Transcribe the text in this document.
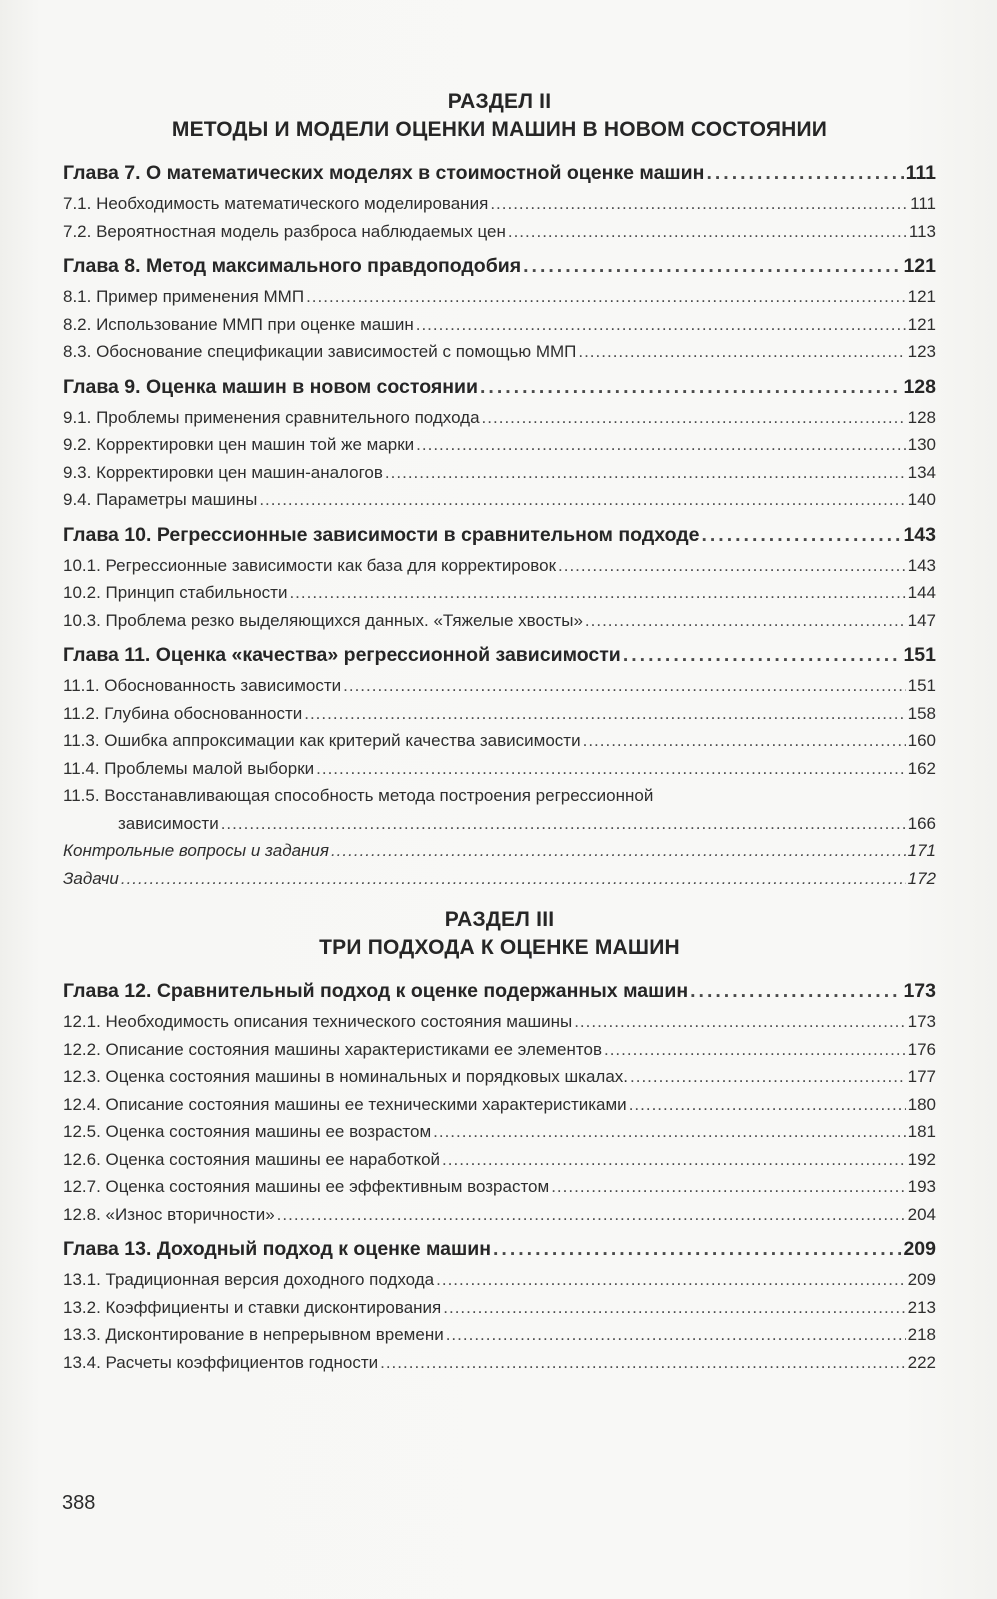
РАЗДЕЛ II
МЕТОДЫ И МОДЕЛИ ОЦЕНКИ МАШИН В НОВОМ СОСТОЯНИИ
Глава 7. О математических моделях в стоимостной оценке машин .....	111
7.1. Необходимость математического моделирования .....	111
7.2. Вероятностная модель разброса наблюдаемых цен .....	113
Глава 8. Метод максимального правдоподобия .....	121
8.1. Пример применения ММП .....	121
8.2. Использование ММП при оценке машин .....	121
8.3. Обоснование спецификации зависимостей с помощью ММП .....	123
Глава 9. Оценка машин в новом состоянии .....	128
9.1. Проблемы применения сравнительного подхода .....	128
9.2. Корректировки цен машин той же марки .....	130
9.3. Корректировки цен машин-аналогов .....	134
9.4. Параметры машины .....	140
Глава 10. Регрессионные зависимости в сравнительном подходе .....	143
10.1. Регрессионные зависимости как база для корректировок .....	143
10.2. Принцип стабильности .....	144
10.3. Проблема резко выделяющихся данных. «Тяжелые хвосты» .....	147
Глава 11. Оценка «качества» регрессионной зависимости .....	151
11.1. Обоснованность зависимости .....	151
11.2. Глубина обоснованности .....	158
11.3. Ошибка аппроксимации как критерий качества зависимости .....	160
11.4. Проблемы малой выборки .....	162
11.5. Восстанавливающая способность метода построения регрессионной
зависимости .....	166
Контрольные вопросы и задания .....	171
Задачи .....	172
РАЗДЕЛ III
ТРИ ПОДХОДА К ОЦЕНКЕ МАШИН
Глава 12. Сравнительный подход к оценке подержанных машин .....	173
12.1. Необходимость описания технического состояния машины .....	173
12.2. Описание состояния машины характеристиками ее элементов .....	176
12.3. Оценка состояния машины в номинальных и порядковых шкалах. .....	177
12.4. Описание состояния машины ее техническими характеристиками .....	180
12.5. Оценка состояния машины ее возрастом .....	181
12.6. Оценка состояния машины ее наработкой .....	192
12.7. Оценка состояния машины ее эффективным возрастом .....	193
12.8. «Износ вторичности» .....	204
Глава 13. Доходный подход к оценке машин .....	209
13.1. Традиционная версия доходного подхода .....	209
13.2. Коэффициенты и ставки дисконтирования .....	213
13.3. Дисконтирование в непрерывном времени .....	218
13.4. Расчеты коэффициентов годности .....	222
388
